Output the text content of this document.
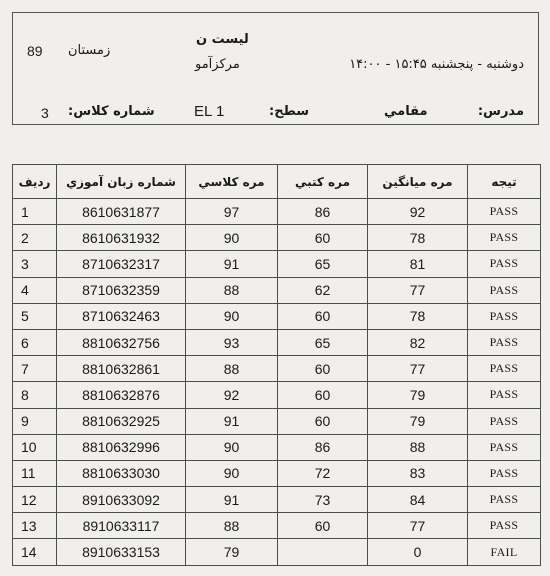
89 زمستان
لیست ن
مرکزآمو	دوشنبه - پنجشنبه ۱۵:۴۵ - ۱۴:۰۰
3 شماره کلاس:	EL 1	سطح:	مقامي	مدرس:
رديف	شماره زبان آموزي	مره كلاسي	مره كتبي	مره ميانگين	تيجه
1	8610631877	97	86	92	PASS
2	8610631932	90	60	78	PASS
3	8710632317	91	65	81	PASS
4	8710632359	88	62	77	PASS
5	8710632463	90	60	78	PASS
6	8810632756	93	65	82	PASS
7	8810632861	88	60	77	PASS
8	8810632876	92	60	79	PASS
9	8810632925	91	60	79	PASS
10	8810632996	90	86	88	PASS
11	8810633030	90	72	83	PASS
12	8910633092	91	73	84	PASS
13	8910633117	88	60	77	PASS
14	8910633153	79		0	FAIL
